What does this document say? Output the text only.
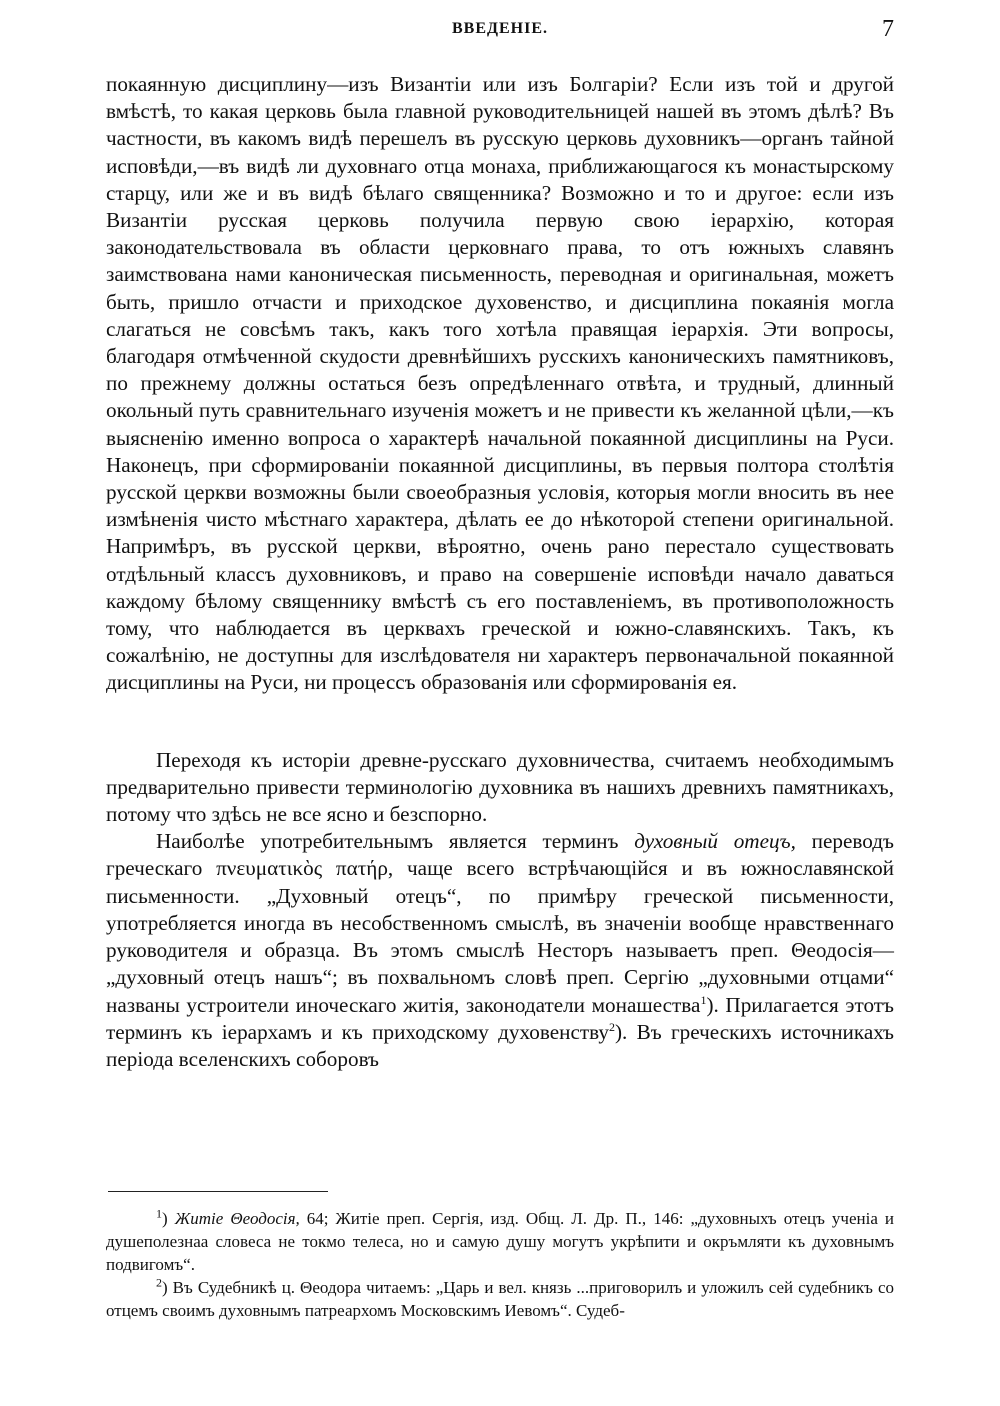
ВВЕДЕНІЕ.	7

покаянную дисциплину—изъ Византіи или изъ Болгаріи? Если изъ той и другой вмѣстѣ, то какая церковь была главной руководительницей нашей въ этомъ дѣлѣ? Въ частности, въ какомъ видѣ перешелъ въ русскую церковь духовникъ—органъ тайной исповѣди,—въ видѣ ли духовнаго отца монаха, приближающагося къ монастырскому старцу, или же и въ видѣ бѣлаго священника? Возможно и то и другое: если изъ Византіи русская церковь получила первую свою іерархію, которая законодательствовала въ области церковнаго права, то отъ южныхъ славянъ заимствована нами каноническая письменность, переводная и оригинальная, можетъ быть, пришло отчасти и приходское духовенство, и дисциплина покаянія могла слагаться не совсѣмъ такъ, какъ того хотѣла правящая іерархія. Эти вопросы, благодаря отмѣченной скудости древнѣйшихъ русскихъ каноническихъ памятниковъ, по прежнему должны остаться безъ опредѣленнаго отвѣта, и трудный, длинный окольный путь сравнительнаго изученія можетъ и не привести къ желанной цѣли,—къ выясненію именно вопроса о характерѣ начальной покаянной дисциплины на Руси. Наконецъ, при сформированіи покаянной дисциплины, въ первыя полтора столѣтія русской церкви возможны были своеобразныя условія, которыя могли вносить въ нее измѣненія чисто мѣстнаго характера, дѣлать ее до нѣкоторой степени оригинальной. Напримѣръ, въ русской церкви, вѣроятно, очень рано перестало существовать отдѣльный классъ духовниковъ, и право на совершеніе исповѣди начало даваться каждому бѣлому священнику вмѣстѣ съ его поставленіемъ, въ противоположность тому, что наблюдается въ церквахъ греческой и южно-славянскихъ. Такъ, къ сожалѣнію, не доступны для изслѣдователя ни характеръ первоначальной покаянной дисциплины на Руси, ни процессъ образованія или сформированія ея.

Переходя къ исторіи древне-русскаго духовничества, считаемъ необходимымъ предварительно привести терминологію духовника въ нашихъ древнихъ памятникахъ, потому что здѣсь не все ясно и безспорно.

Наиболѣе употребительнымъ является терминъ духовный отецъ, переводъ греческаго πνευματικὸς πατήρ, чаще всего встрѣчающійся и въ южнославянской письменности. „Духовный отецъ“, по примѣру греческой письменности, употребляется иногда въ несобственномъ смыслѣ, въ значеніи вообще нравственнаго руководителя и образца. Въ этомъ смыслѣ Несторъ называетъ преп. Θеодосія—„духовный отецъ нашъ“; въ похвальномъ словѣ преп. Сергію „духовными отцами“ названы устроители иноческаго житія, законодатели монашества$^1$). Прилагается этотъ терминъ къ іерархамъ и къ приходскому духовенству$^2$). Въ греческихъ источникахъ періода вселенскихъ соборовъ

$^1$) Житіе Θеодосія, 64; Житіе преп. Сергія, изд. Общ. Л. Др. П., 146: „духовныхъ отецъ ученіа и душеполезнаа словеса не токмо телеса, но и самую душу могутъ укрѣпити и окръмляти къ духовнымъ подвигомъ“.

$^2$) Въ Судебникѣ ц. Θеодора читаемъ: „Царь и вел. князь ...приговорилъ и уложилъ сей судебникъ со отцемъ своимъ духовнымъ патреархомъ Московскимъ Иевомъ“. Судеб-
